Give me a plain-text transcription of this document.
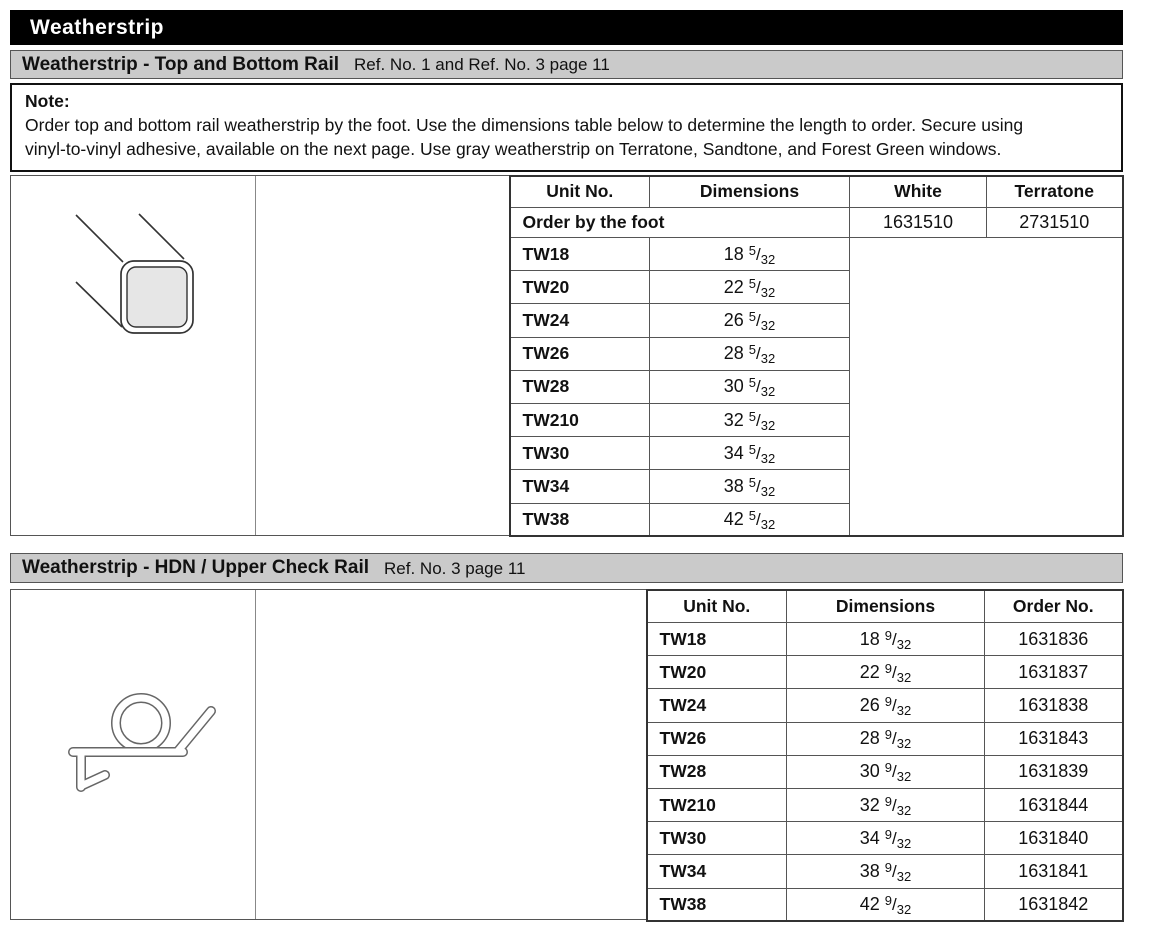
Weatherstrip
Weatherstrip - Top and Bottom Rail Ref. No. 1 and Ref. No. 3 page 11
Note:
Order top and bottom rail weatherstrip by the foot. Use the dimensions table below to determine the length to order. Secure using
vinyl-to-vinyl adhesive, available on the next page. Use gray weatherstrip on Terratone, Sandtone, and Forest Green windows.
Unit No.	Dimensions	White	Terratone
Order by the foot		1631510	2731510
TW18	18 $^5/_{32}$	
TW20	22 $^5/_{32}$
TW24	26 $^5/_{32}$
TW26	28 $^5/_{32}$
TW28	30 $^5/_{32}$
TW210	32 $^5/_{32}$
TW30	34 $^5/_{32}$
TW34	38 $^5/_{32}$
TW38	42 $^5/_{32}$
Weatherstrip - HDN / Upper Check Rail Ref. No. 3 page 11
Unit No.	Dimensions	Order No.
TW18	18 $^9/_{32}$	1631836
TW20	22 $^9/_{32}$	1631837
TW24	26 $^9/_{32}$	1631838
TW26	28 $^9/_{32}$	1631843
TW28	30 $^9/_{32}$	1631839
TW210	32 $^9/_{32}$	1631844
TW30	34 $^9/_{32}$	1631840
TW34	38 $^9/_{32}$	1631841
TW38	42 $^9/_{32}$	1631842
